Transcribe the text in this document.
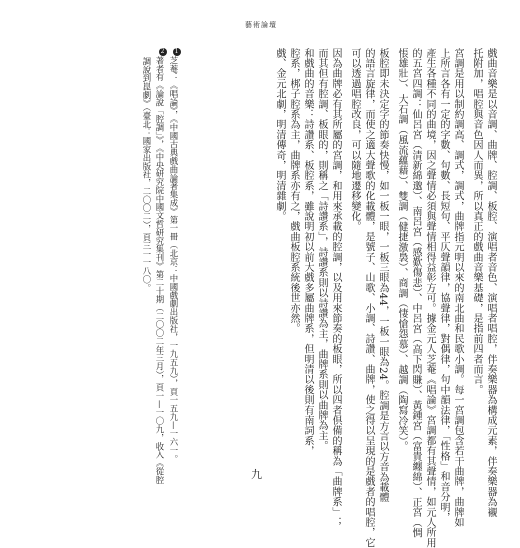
藝術論壇
戲曲音樂是以音調、曲牌、腔調、板腔、演唱者音色、演唱者唱腔，伴奏樂器為構成元素，伴奏樂器為襯
托附加，唱腔與音色因人而異，所以真正的戲曲音樂基礎，是指前四者而言。
宮調是用以制約調高、調式，調式，曲牌指元明以來的南北曲和民歌小調。每一宮調包含若干曲牌，曲牌如
上所言各有一定的字數、句數、長短句、平仄聲韻律，協聲律，對偶律，句中韻法律，「性格」和音分明，
產生各種不同的曲境，因之聲情必須與聲情相得益彰方可。據金元人芝菴《唱論》宮調都有其聲情，如元人所用
的五宮四調：仙呂宮（清新綿邈）、南呂宮（感歎傷悲）、中呂宮（高下閃賺）、黃鍾宮（富貴纏綿）、正宮（惆
悵雄壯）、大石調（風流蘊藉）、雙調（健捷激裊）、商調（悽愴怨慕）、越調（陶寫冷笑）。
板腔即未決定字的節奏快慢，如一板一眼，一板三眼為44，一板一眼為24。腔調是方言以方音為載體
的語言旋律，而使之適大聲歌的化載體，是號子、山歌、小調、詩讚、曲牌，使之得以呈現的是戲者的唱腔，它
可以透過唱腔改良，可以隨地遷移變化。
因為曲牌必有其所屬的宮調，和用來承載的腔調，以及用來節奏的板眼，所以四者倶備的稱為「曲牌系」；
而其但有腔調、板眼的，則稱之「詩讚系」，詩讚系則以詩讚為主，曲牌系則以曲牌為主。
和戲曲的音樂：詩讚系、板腔系，雖說明初以前大戲多屬曲牌系，但明清以後則有南詞系，
腔系，梆子腔系為主，曲牌系亦有之，戲曲板腔系統後世亦然。
戲、金元北劇，明清傳奇，明清雜劇。
1芝菴：《唱論》，《中國古典戲曲論著集成》第一冊（北京：中國戲劇出版社，一九五九），頁一五九—一六一。
2著者有《論說「腔調」》，《中央研究院中國文哲研究集刊》第二十期（二〇〇二年三月），頁一—一〇九，收入《從腔
調說到崑劇》（臺北：國家出版社，二〇〇二），頁三一一八〇。
九
